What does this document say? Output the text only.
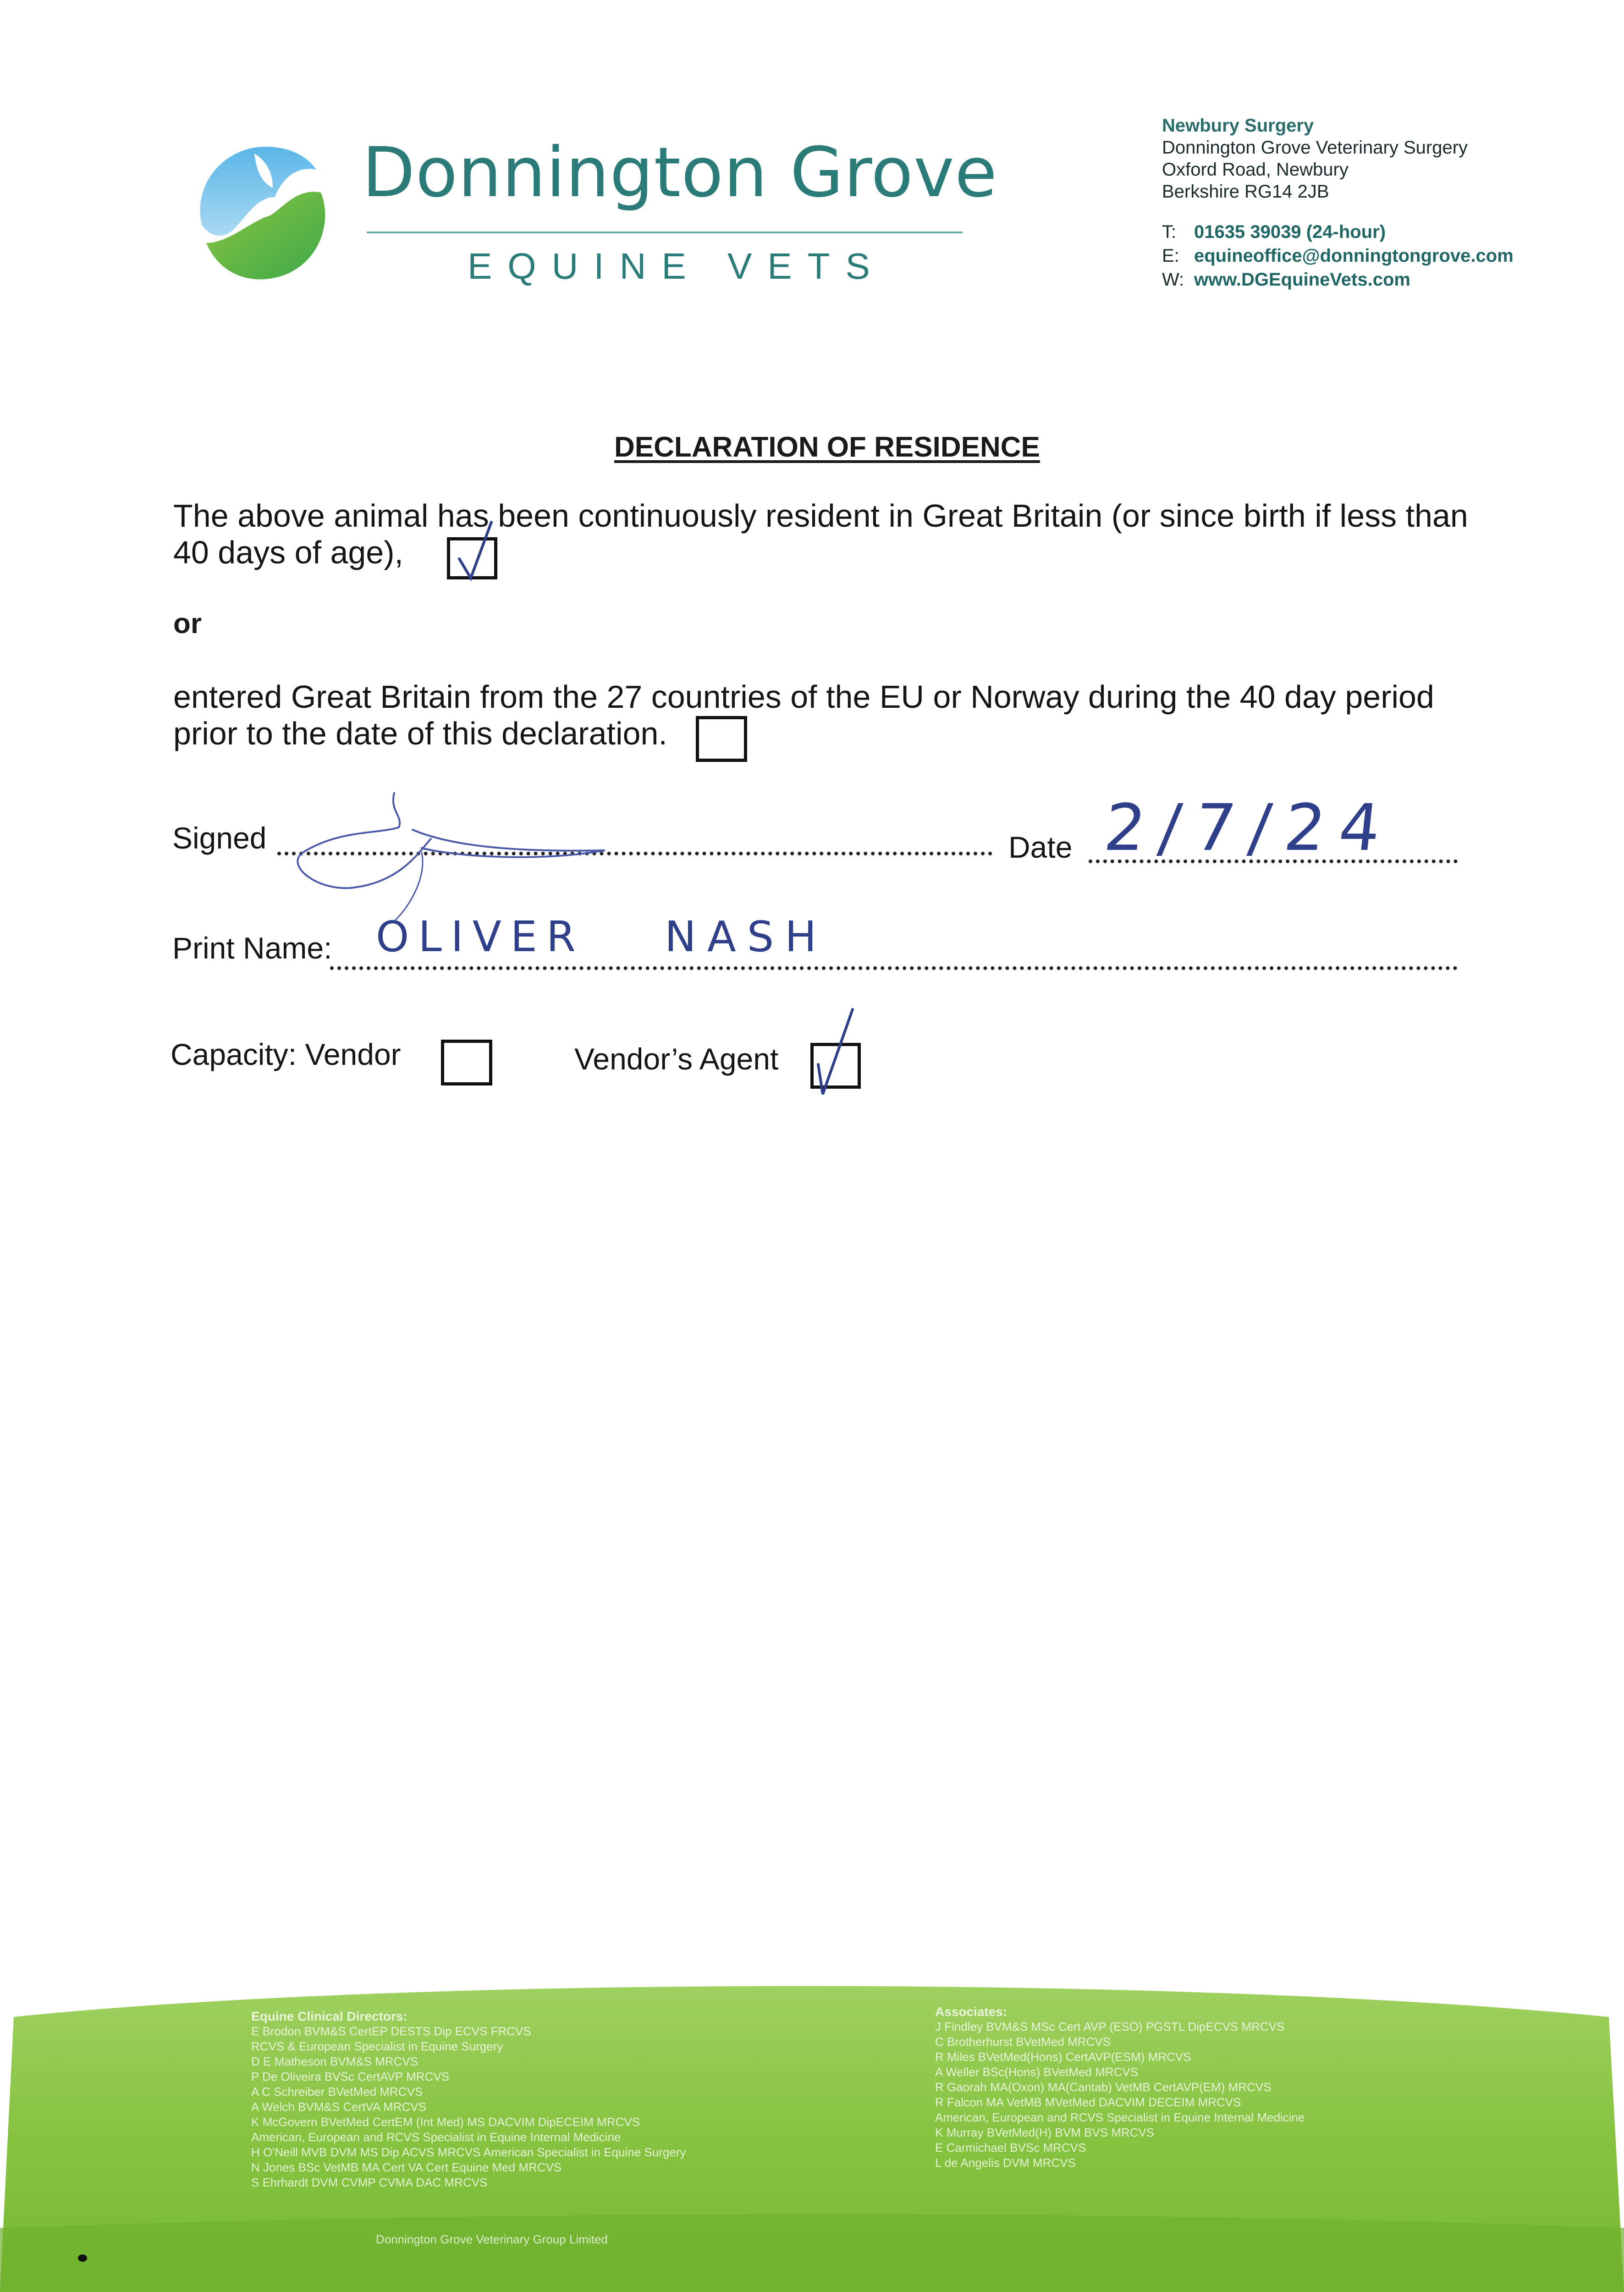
Donnington Grove
EQUINE VETS
Newbury Surgery
Donnington Grove Veterinary Surgery
Oxford Road, Newbury
Berkshire RG14 2JB
T: 01635 39039 (24-hour)
E: equineoffice@donningtongrove.com
W: www.DGEquineVets.com
DECLARATION OF RESIDENCE
The above animal has been continuously resident in Great Britain (or since birth if less than 40 days of age),
or
entered Great Britain from the 27 countries of the EU or Norway during the 40 day period prior to the date of this declaration.
Signed	Date 2/7/24
Print Name: OLIVER NASH
Capacity: Vendor	Vendor’s Agent
Equine Clinical Directors:
E Brodon BVM&S CertEP DESTS Dip ECVS FRCVS
RCVS & European Specialist in Equine Surgery
D E Matheson BVM&S MRCVS
P De Oliveira BVSc CertAVP MRCVS
A C Schreiber BVetMed MRCVS
A Welch BVM&S CertVA MRCVS
K McGovern BVetMed CertEM (Int Med) MS DACVIM DipECEIM MRCVS
American, European and RCVS Specialist in Equine Internal Medicine
H O'Neill MVB DVM MS Dip ACVS MRCVS American Specialist in Equine Surgery
N Jones BSc VetMB MA Cert VA Cert Equine Med MRCVS
S Ehrhardt DVM CVMP CVMA DAC MRCVS
Associates:
J Findley BVM&S MSc Cert AVP (ESO) PGSTL DipECVS MRCVS
C Brotherhurst BVetMed MRCVS
R Miles BVetMed(Hons) CertAVP(ESM) MRCVS
A Weller BSc(Hons) BVetMed MRCVS
R Gaorah MA(Oxon) MA(Cantab) VetMB CertAVP(EM) MRCVS
R Falcon MA VetMB MVetMed DACVIM DECEIM MRCVS
American, European and RCVS Specialist in Equine Internal Medicine
K Murray BVetMed(H) BVM BVS MRCVS
E Carmichael BVSc MRCVS
L de Angelis DVM MRCVS
Donnington Grove Veterinary Group Limited
